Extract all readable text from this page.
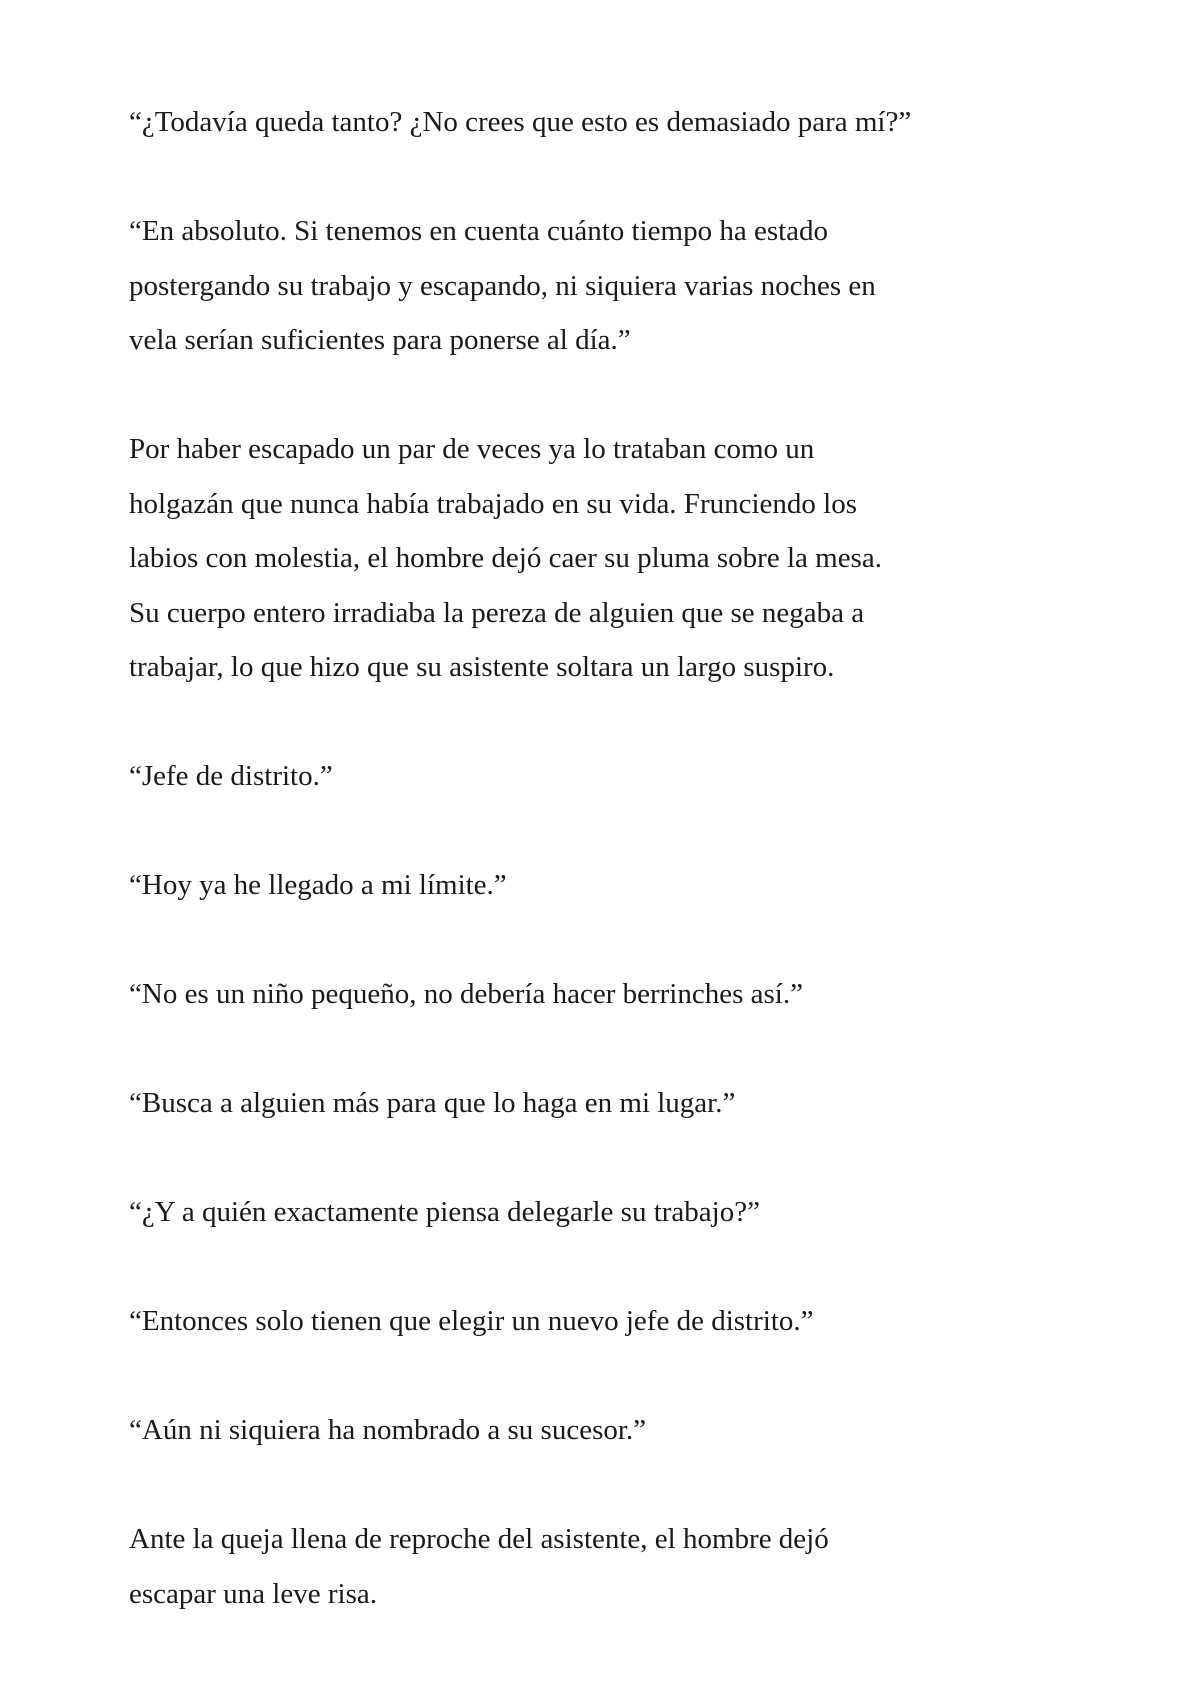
“¿Todavía queda tanto? ¿No crees que esto es demasiado para mí?”

“En absoluto. Si tenemos en cuenta cuánto tiempo ha estado
postergando su trabajo y escapando, ni siquiera varias noches en
vela serían suficientes para ponerse al día.”

Por haber escapado un par de veces ya lo trataban como un
holgazán que nunca había trabajado en su vida. Frunciendo los
labios con molestia, el hombre dejó caer su pluma sobre la mesa.
Su cuerpo entero irradiaba la pereza de alguien que se negaba a
trabajar, lo que hizo que su asistente soltara un largo suspiro.

“Jefe de distrito.”

“Hoy ya he llegado a mi límite.”

“No es un niño pequeño, no debería hacer berrinches así.”

“Busca a alguien más para que lo haga en mi lugar.”

“¿Y a quién exactamente piensa delegarle su trabajo?”

“Entonces solo tienen que elegir un nuevo jefe de distrito.”

“Aún ni siquiera ha nombrado a su sucesor.”

Ante la queja llena de reproche del asistente, el hombre dejó
escapar una leve risa.
